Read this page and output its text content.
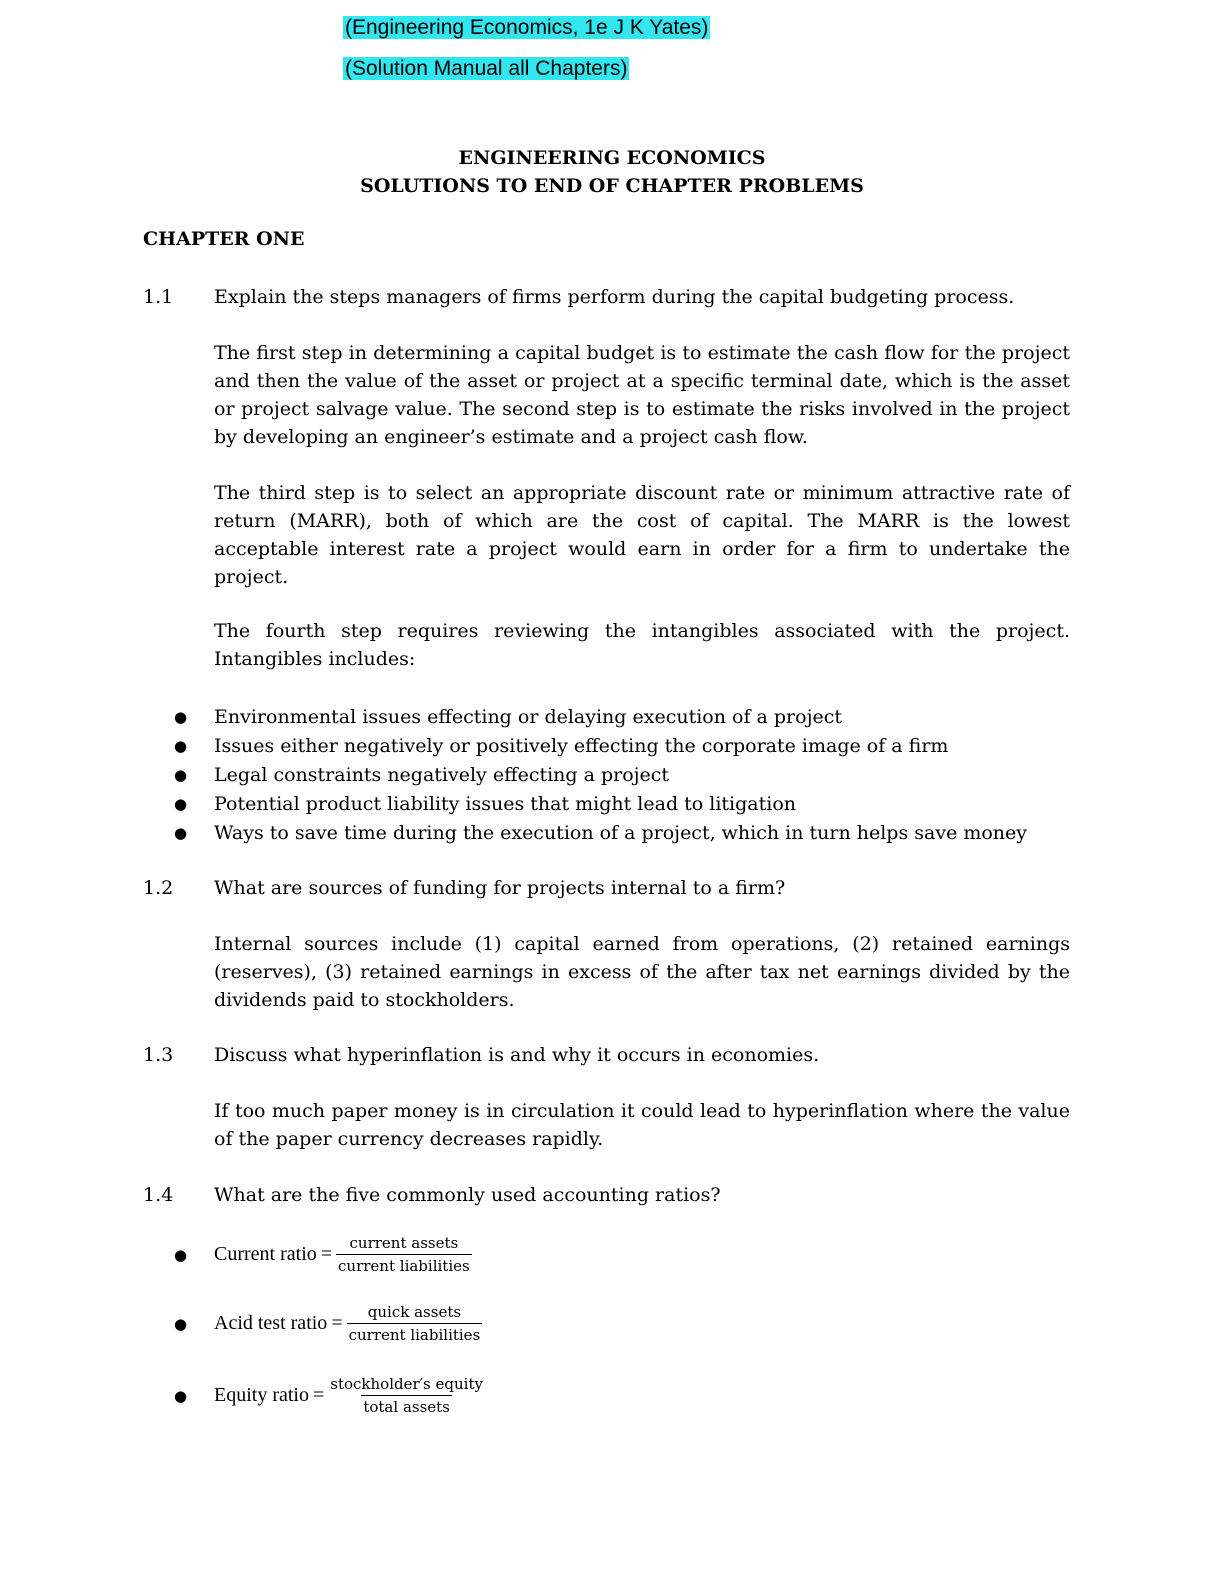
(Engineering Economics, 1e J K Yates)
(Solution Manual all Chapters)
ENGINEERING ECONOMICS
SOLUTIONS TO END OF CHAPTER PROBLEMS
CHAPTER ONE
1.1 Explain the steps managers of firms perform during the capital budgeting process.
The first step in determining a capital budget is to estimate the cash flow for the project and then the value of the asset or project at a specific terminal date, which is the asset or project salvage value. The second step is to estimate the risks involved in the project by developing an engineer’s estimate and a project cash flow.
The third step is to select an appropriate discount rate or minimum attractive rate of return (MARR), both of which are the cost of capital. The MARR is the lowest acceptable interest rate a project would earn in order for a firm to undertake the project.
The fourth step requires reviewing the intangibles associated with the project. Intangibles includes:
● Environmental issues effecting or delaying execution of a project
● Issues either negatively or positively effecting the corporate image of a firm
● Legal constraints negatively effecting a project
● Potential product liability issues that might lead to litigation
● Ways to save time during the execution of a project, which in turn helps save money
1.2 What are sources of funding for projects internal to a firm?
Internal sources include (1) capital earned from operations, (2) retained earnings (reserves), (3) retained earnings in excess of the after tax net earnings divided by the dividends paid to stockholders.
1.3 Discuss what hyperinflation is and why it occurs in economies.
If too much paper money is in circulation it could lead to hyperinflation where the value of the paper currency decreases rapidly.
1.4 What are the five commonly used accounting ratios?
●	Current ratio = $\frac{\text{current assets}}{\text{current liabilities}}$
●	Acid test ratio = $\frac{\text{quick assets}}{\text{current liabilities}}$
●	Equity ratio = $\frac{\text{stockholder′s equity}}{\text{total assets}}$
